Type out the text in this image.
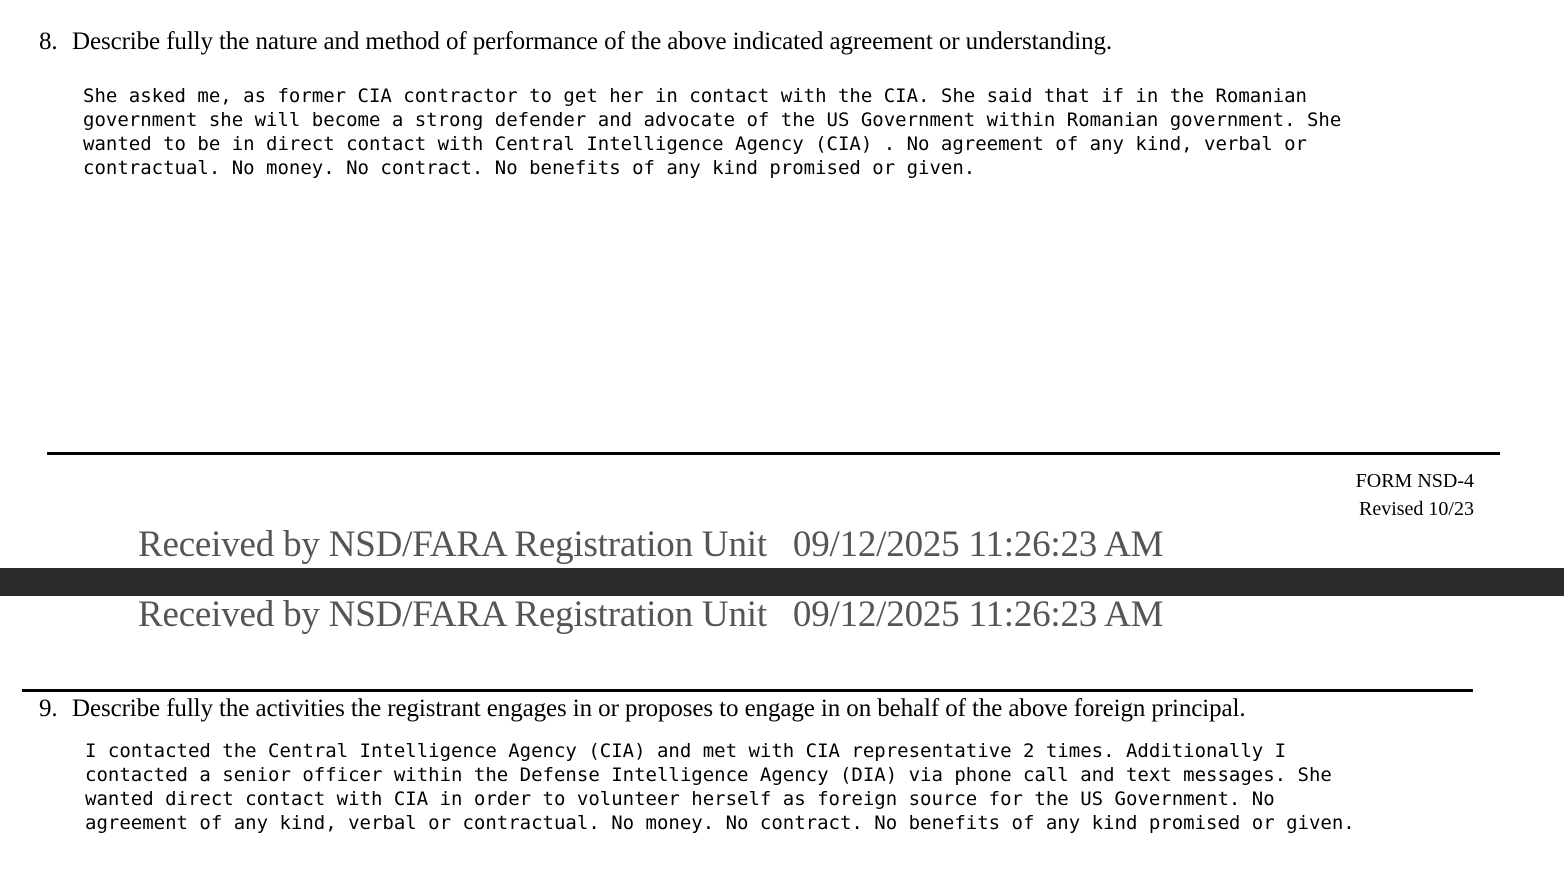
8. Describe fully the nature and method of performance of the above indicated agreement or understanding.
She asked me, as former CIA contractor to get her in contact with the CIA. She said that if in the Romanian
government she will become a strong defender and advocate of the US Government within Romanian government. She
wanted to be in direct contact with Central Intelligence Agency (CIA) . No agreement of any kind, verbal or
contractual. No money. No contract. No benefits of any kind promised or given.
FORM NSD-4
Revised 10/23
Received by NSD/FARA Registration Unit 09/12/2025 11:26:23 AM
Received by NSD/FARA Registration Unit 09/12/2025 11:26:23 AM
9. Describe fully the activities the registrant engages in or proposes to engage in on behalf of the above foreign principal.
I contacted the Central Intelligence Agency (CIA) and met with CIA representative 2 times. Additionally I
contacted a senior officer within the Defense Intelligence Agency (DIA) via phone call and text messages. She
wanted direct contact with CIA in order to volunteer herself as foreign source for the US Government. No
agreement of any kind, verbal or contractual. No money. No contract. No benefits of any kind promised or given.
